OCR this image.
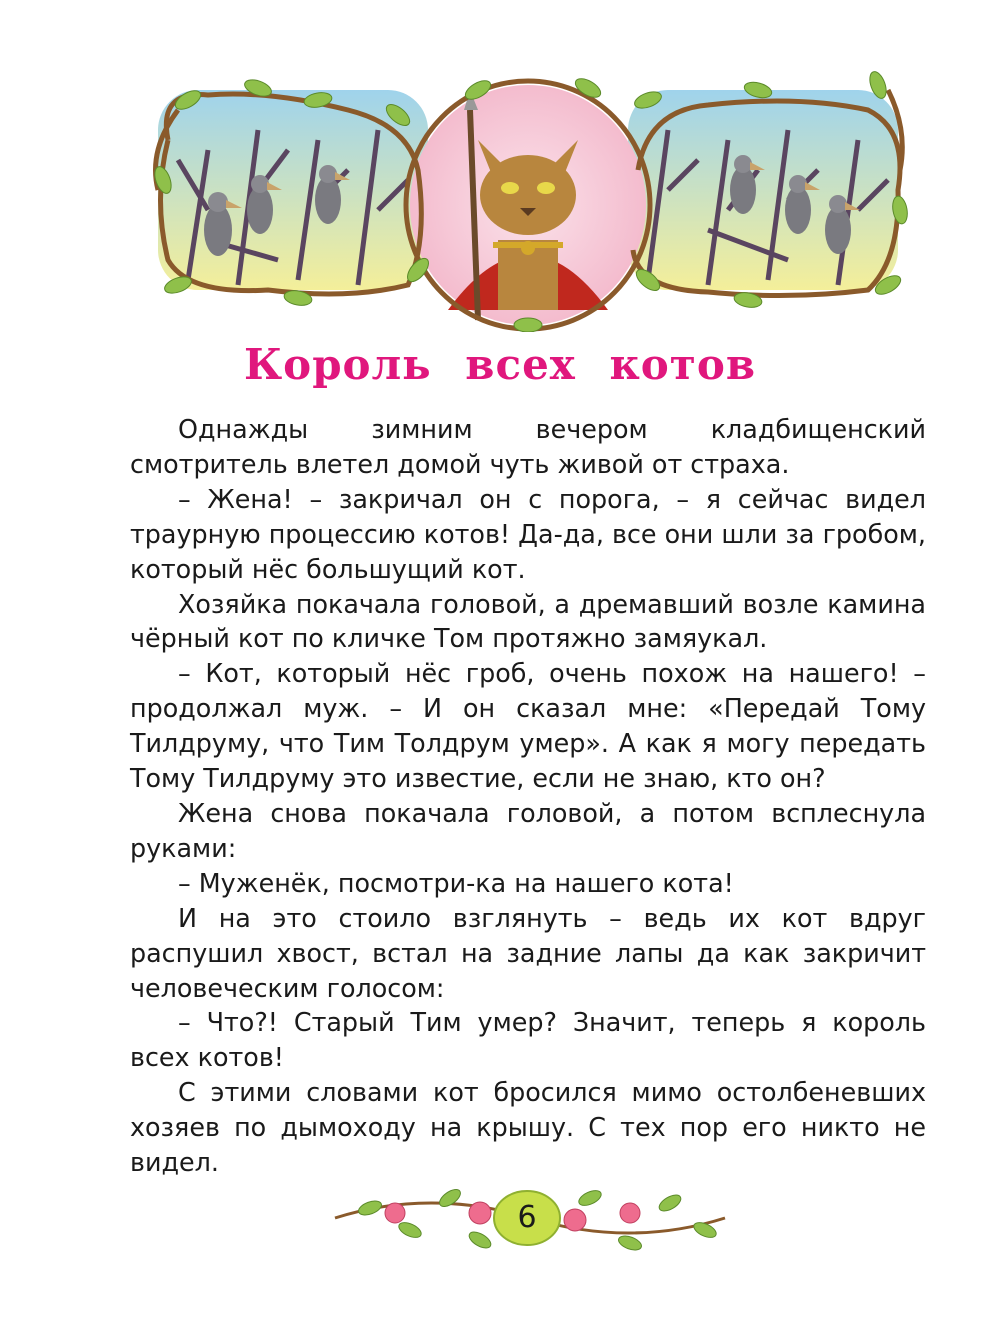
Король всех котов

Однажды зимним вечером кладбищенский смотритель влетел домой чуть живой от страха.

– Жена! – закричал он с порога, – я сейчас видел траурную процессию котов! Да-да, все они шли за гробом, который нёс большущий кот.

Хозяйка покачала головой, а дремавший возле камина чёрный кот по кличке Том протяжно замяукал.

– Кот, который нёс гроб, очень похож на нашего! – продолжал муж. – И он сказал мне: «Передай Тому Тилдруму, что Тим Толдрум умер». А как я могу передать Тому Тилдруму это известие, если не знаю, кто он?

Жена снова покачала головой, а потом всплеснула руками:

– Муженёк, посмотри-ка на нашего кота!

И на это стоило взглянуть – ведь их кот вдруг распушил хвост, встал на задние лапы да как закричит человеческим голосом:

– Что?! Старый Тим умер? Значит, теперь я король всех котов!

С этими словами кот бросился мимо остолбеневших хозяев по дымоходу на крышу. С тех пор его никто не видел.

6
